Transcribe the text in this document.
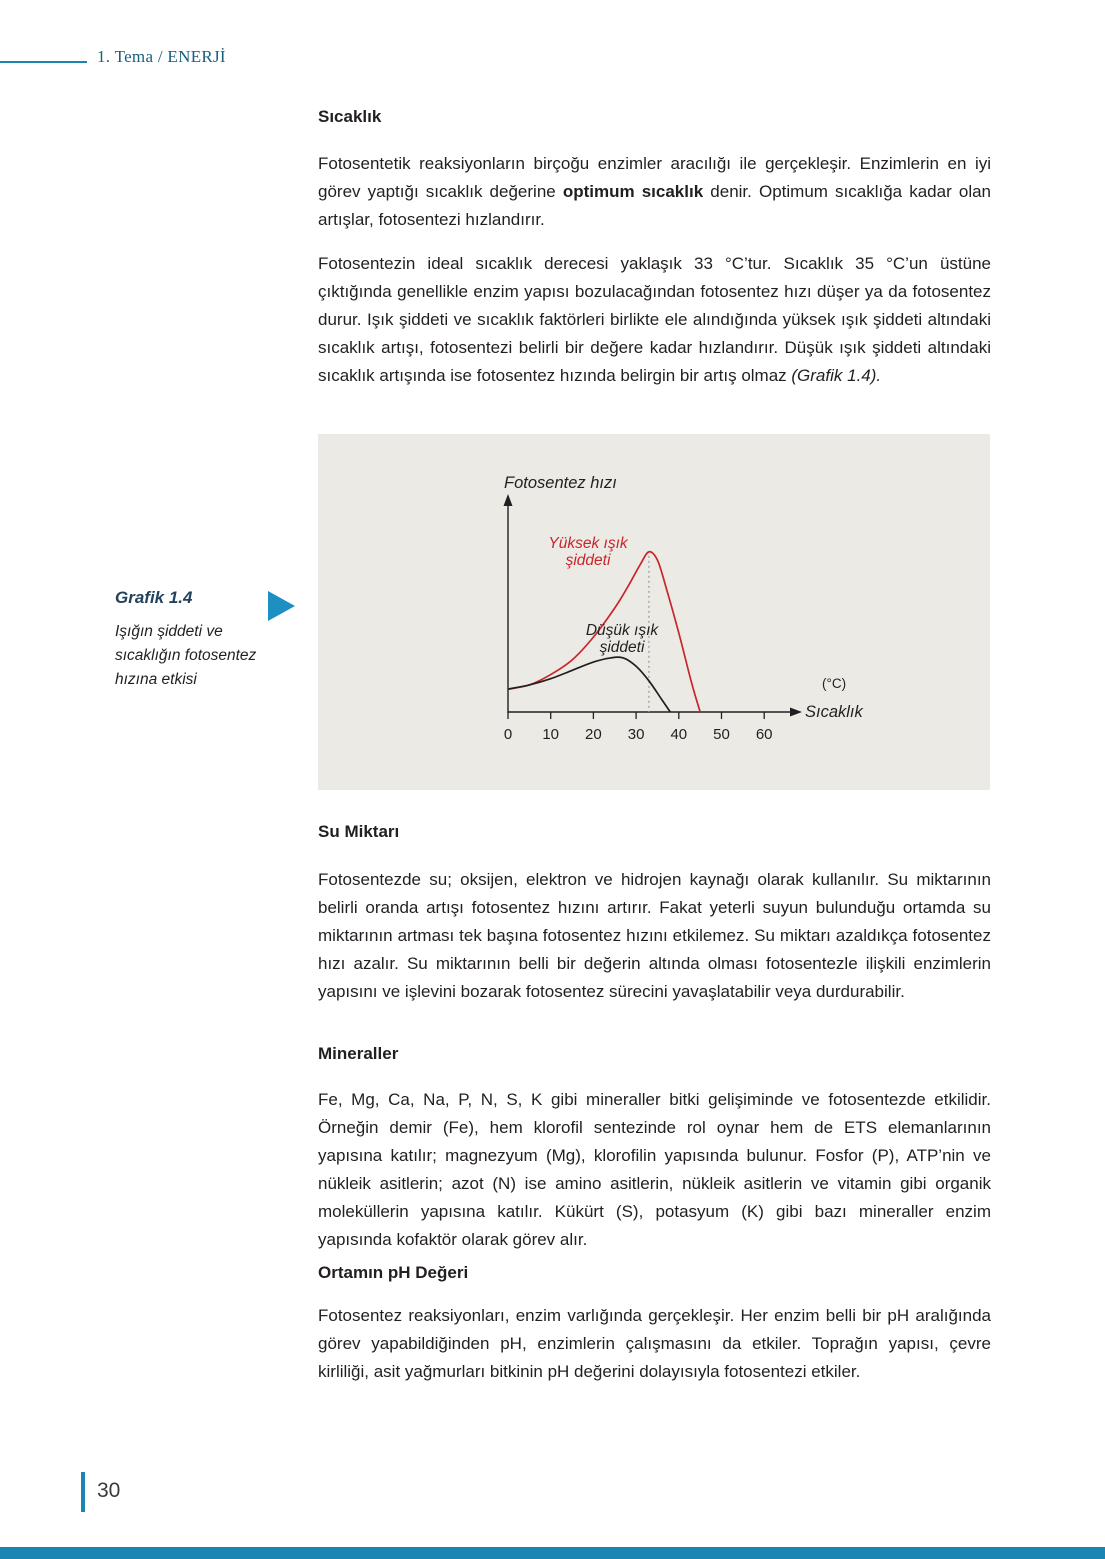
1. Tema / ENERJİ
Sıcaklık

Fotosentetik reaksiyonların birçoğu enzimler aracılığı ile gerçekleşir. Enzimlerin en iyi görev yaptığı sıcaklık değerine optimum sıcaklık denir. Optimum sıcaklığa kadar olan artışlar, fotosentezi hızlandırır.

Fotosentezin ideal sıcaklık derecesi yaklaşık 33 °C’tur. Sıcaklık 35 °C’un üstüne çıktığında genellikle enzim yapısı bozulacağından fotosentez hızı düşer ya da fotosentez durur. Işık şiddeti ve sıcaklık faktörleri birlikte ele alındığında yüksek ışık şiddeti altındaki sıcaklık artışı, fotosentezi belirli bir değere kadar hızlandırır. Düşük ışık şiddeti altındaki sıcaklık artışında ise fotosentez hızında belirgin bir artış olmaz (Grafik 1.4).

0 10 20 30 40 50 60
Fotosentez hızı
Yüksek ışık şiddeti
Düşük ışık şiddeti
(°C)
Sıcaklık
Grafik 1.4
Işığın şiddeti ve sıcaklığın fotosentez hızına etkisi
Su Miktarı

Fotosentezde su; oksijen, elektron ve hidrojen kaynağı olarak kullanılır. Su miktarının belirli oranda artışı fotosentez hızını artırır. Fakat yeterli suyun bulunduğu ortamda su miktarının artması tek başına fotosentez hızını etkilemez. Su miktarı azaldıkça fotosentez hızı azalır. Su miktarının belli bir değerin altında olması fotosentezle ilişkili enzimlerin yapısını ve işlevini bozarak fotosentez sürecini yavaşlatabilir veya durdurabilir.

Mineraller

Fe, Mg, Ca, Na, P, N, S, K gibi mineraller bitki gelişiminde ve fotosentezde etkilidir. Örneğin demir (Fe), hem klorofil sentezinde rol oynar hem de ETS elemanlarının yapısına katılır; magnezyum (Mg), klorofilin yapısında bulunur. Fosfor (P), ATP’nin ve nükleik asitlerin; azot (N) ise amino asitlerin, nükleik asitlerin ve vitamin gibi organik moleküllerin yapısına katılır. Kükürt (S), potasyum (K) gibi bazı mineraller enzim yapısında kofaktör olarak görev alır.

Ortamın pH Değeri

Fotosentez reaksiyonları, enzim varlığında gerçekleşir. Her enzim belli bir pH aralığında görev yapabildiğinden pH, enzimlerin çalışmasını da etkiler. Toprağın yapısı, çevre kirliliği, asit yağmurları bitkinin pH değerini dolayısıyla fotosentezi etkiler.

30
